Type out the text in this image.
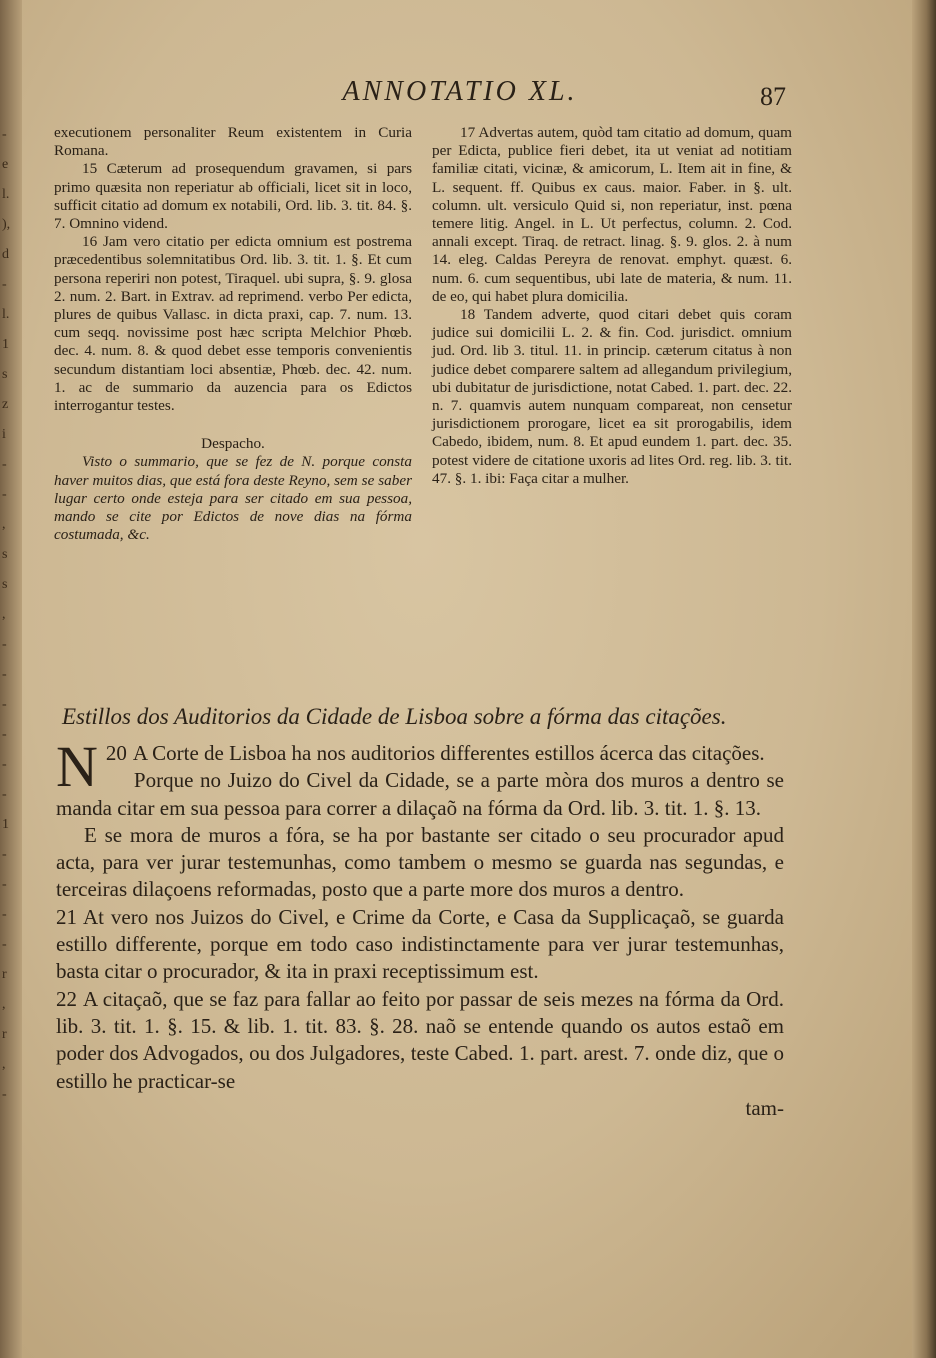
-
e
l.
),
d
-
l.
1
s
z
i
-
-
,
s
s
,
-
-
-
-
-
-
1
-
-
-
-
r
,
r
,
-
ANNOTATIO XL.	87

executionem personaliter Reum existentem in Curia Romana.

15 Cæterum ad prosequendum gravamen, si pars primo quæsita non reperiatur ab officiali, licet sit in loco, sufficit citatio ad domum ex notabili, Ord. lib. 3. tit. 84. §. 7. Omnino vidend.

16 Jam vero citatio per edicta omnium est postrema præcedentibus solemnitatibus Ord. lib. 3. tit. 1. §. Et cum persona reperiri non potest, Tiraquel. ubi supra, §. 9. glosa 2. num. 2. Bart. in Extrav. ad reprimend. verbo Per edicta, plures de quibus Vallasc. in dicta praxi, cap. 7. num. 13. cum seqq. novissime post hæc scripta Melchior Phœb. dec. 4. num. 8. & quod debet esse temporis convenientis secundum distantiam loci absentiæ, Phœb. dec. 42. num. 1. ac de summario da auzencia para os Edictos interrogantur testes.

Despacho.

Visto o summario, que se fez de N. porque consta haver muitos dias, que está fora deste Reyno, sem se saber lugar certo onde esteja para ser citado em sua pessoa, mando se cite por Edictos de nove dias na fórma costumada, &c.

17 Advertas autem, quòd tam citatio ad domum, quam per Edicta, publice fieri debet, ita ut veniat ad notitiam familiæ citati, vicinæ, & amicorum, L. Item ait in fine, & L. sequent. ff. Quibus ex caus. maior. Faber. in §. ult. column. ult. versiculo Quid si, non reperiatur, inst. pœna temere litig. Angel. in L. Ut perfectus, column. 2. Cod. annali except. Tiraq. de retract. linag. §. 9. glos. 2. à num 14. eleg. Caldas Pereyra de renovat. emphyt. quæst. 6. num. 6. cum sequentibus, ubi late de materia, & num. 11. de eo, qui habet plura domicilia.

18 Tandem adverte, quod citari debet quis coram judice sui domicilii L. 2. & fin. Cod. jurisdict. omnium jud. Ord. lib 3. titul. 11. in princip. cæterum citatus à non judice debet comparere saltem ad allegandum privilegium, ubi dubitatur de jurisdictione, notat Cabed. 1. part. dec. 22. n. 7. quamvis autem nunquam compareat, non censetur jurisdictionem prorogare, licet ea sit prorogabilis, idem Cabedo, ibidem, num. 8. Et apud eundem 1. part. dec. 35. potest videre de citatione uxoris ad lites Ord. reg. lib. 3. tit. 47. §. 1. ibi: Faça citar a mulher.

Estillos dos Auditorios da Cidade de Lisboa sobre a fórma das citações.

20
N A Corte de Lisboa ha nos auditorios differentes estillos ácerca das citações.

Porque no Juizo do Civel da Cidade, se a parte mòra dos muros a dentro se manda citar em sua pessoa para correr a dilaçaõ na fórma da Ord. lib. 3. tit. 1. §. 13.

E se mora de muros a fóra, se ha por bastante ser citado o seu procurador apud acta, para ver jurar testemunhas, como tambem o mesmo se guarda nas segundas, e terceiras dilaçoens reformadas, posto que a parte more dos muros a dentro.

21 At vero nos Juizos do Civel, e Crime da Corte, e Casa da Supplicaçaõ, se guarda estillo differente, porque em todo caso indistinctamente para ver jurar testemunhas, basta citar o procurador, & ita in praxi receptissimum est.

22 A citaçaõ, que se faz para fallar ao feito por passar de seis mezes na fórma da Ord. lib. 3. tit. 1. §. 15. & lib. 1. tit. 83. §. 28. naõ se entende quando os autos estaõ em poder dos Advogados, ou dos Julgadores, teste Cabed. 1. part. arest. 7. onde diz, que o estillo he practicar-se

tam-
